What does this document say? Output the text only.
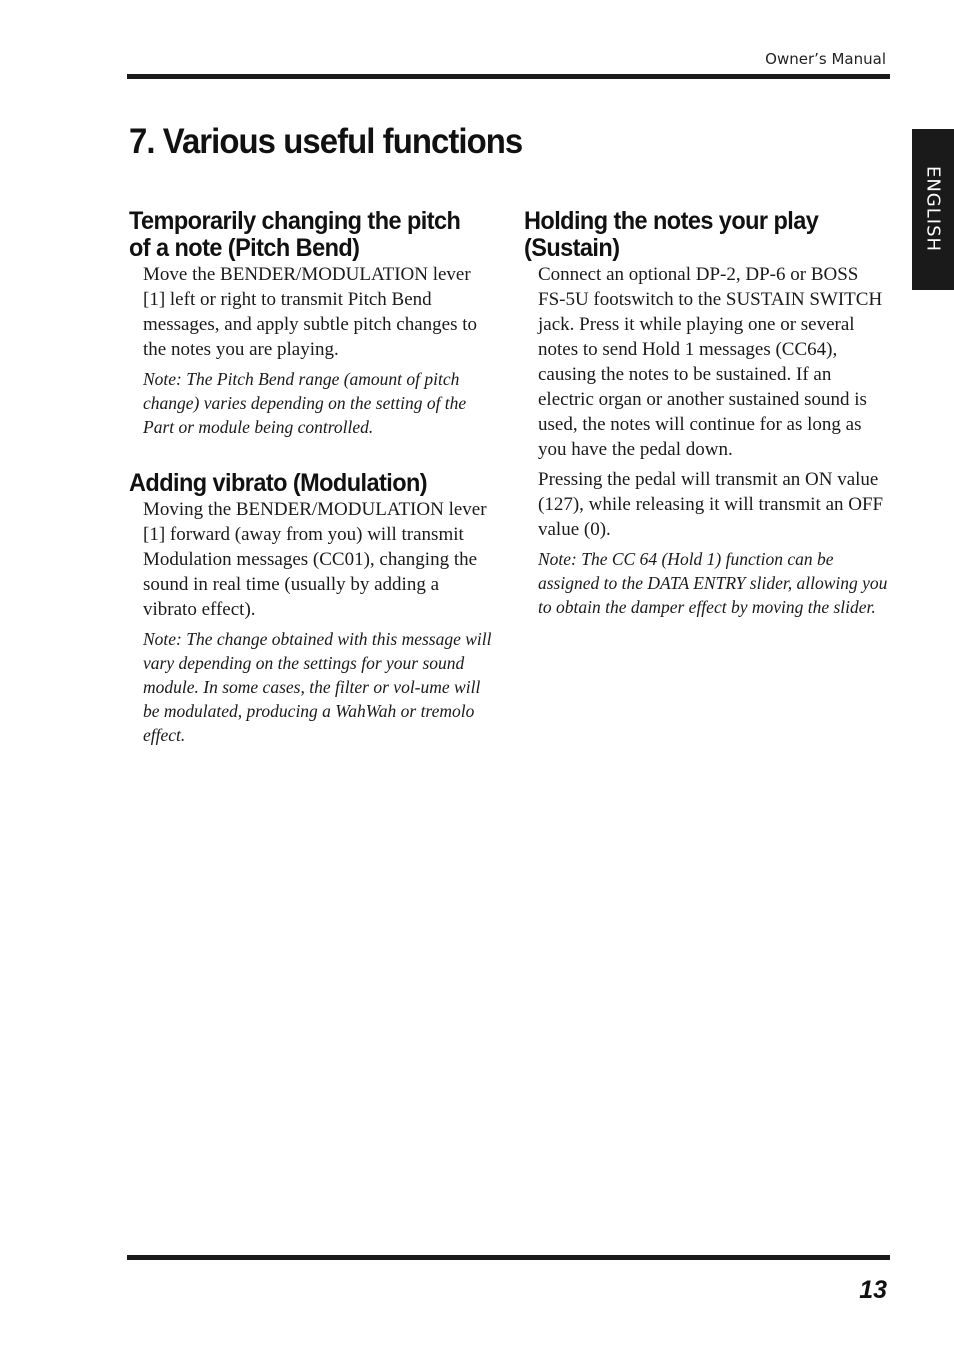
Owner’s Manual
ENGLISH
7. Various useful functions
Temporarily changing the pitch
of a note (Pitch Bend)

Move the BENDER/MODULATION lever [1] left or right to transmit Pitch Bend messages, and apply subtle pitch changes to the notes you are playing.

Note: The Pitch Bend range (amount of pitch change) varies depending on the setting of the Part or module being controlled.

Adding vibrato (Modulation)

Moving the BENDER/MODULATION lever [1] forward (away from you) will transmit Modulation messages (CC01), changing the sound in real time (usually by adding a vibrato effect).

Note: The change obtained with this message will vary depending on the settings for your sound module. In some cases, the filter or vol-ume will be modulated, producing a WahWah or tremolo effect.

Holding the notes your play
(Sustain)

Connect an optional DP-2, DP-6 or BOSS FS-5U footswitch to the SUSTAIN SWITCH jack. Press it while playing one or several notes to send Hold 1 messages (CC64), causing the notes to be sustained. If an electric organ or another sustained sound is used, the notes will continue for as long as you have the pedal down.

Pressing the pedal will transmit an ON value (127), while releasing it will transmit an OFF value (0).

Note: The CC 64 (Hold 1) function can be assigned to the DATA ENTRY slider, allowing you to obtain the damper effect by moving the slider.

13
